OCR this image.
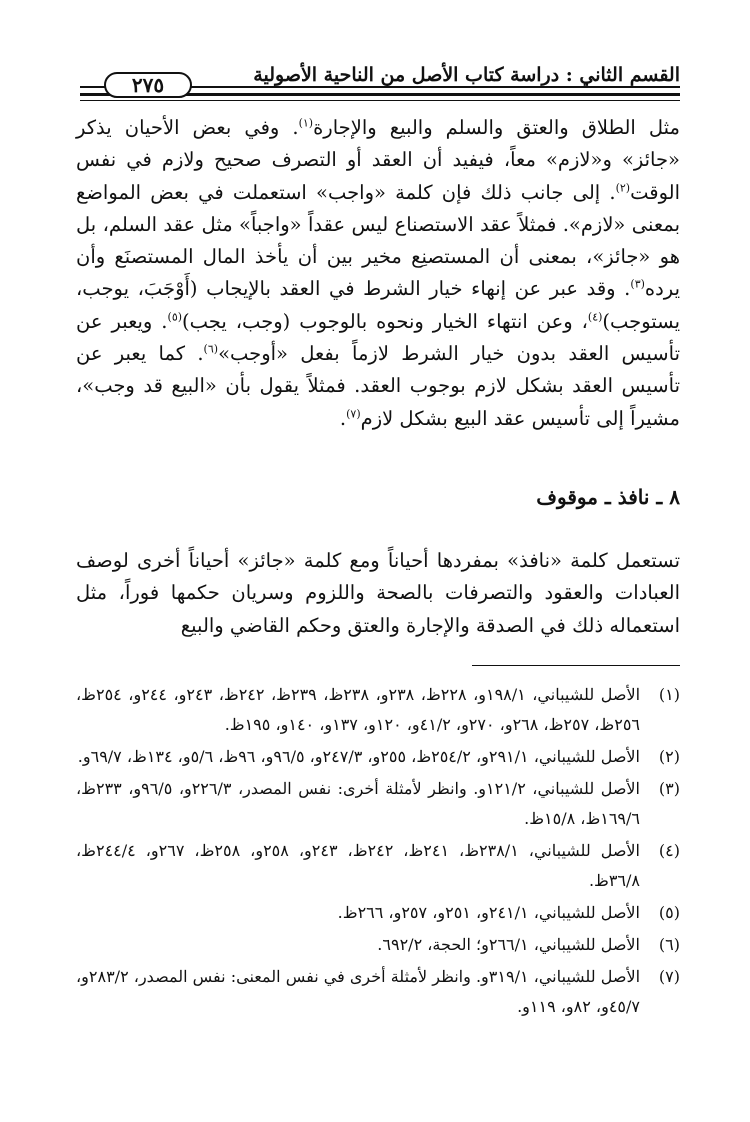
القسم الثاني : دراسة كتاب الأصل من الناحية الأصولية
٢٧٥
مثل الطلاق والعتق والسلم والبيع والإجارة$^{(١)}$. وفي بعض الأحيان يذكر «جائز» و«لازم» معاً، فيفيد أن العقد أو التصرف صحيح ولازم في نفس الوقت$^{(٢)}$. إلى جانب ذلك فإن كلمة «واجب» استعملت في بعض المواضع بمعنى «لازم». فمثلاً عقد الاستصناع ليس عقداً «واجباً» مثل عقد السلم، بل هو «جائز»، بمعنى أن المستصنِع مخير بين أن يأخذ المال المستصنَع وأن يرده$^{(٣)}$. وقد عبر عن إنهاء خيار الشرط في العقد بالإيجاب (أَوْجَبَ، يوجب، يستوجب)$^{(٤)}$، وعن انتهاء الخيار ونحوه بالوجوب (وجب، يجب)$^{(٥)}$. ويعبر عن تأسيس العقد بدون خيار الشرط لازماً بفعل «أوجب»$^{(٦)}$. كما يعبر عن تأسيس العقد بشكل لازم بوجوب العقد. فمثلاً يقول بأن «البيع قد وجب»، مشيراً إلى تأسيس عقد البيع بشكل لازم$^{(٧)}$.
٨ ـ نافذ ـ موقوف
تستعمل كلمة «نافذ» بمفردها أحياناً ومع كلمة «جائز» أحياناً أخرى لوصف العبادات والعقود والتصرفات بالصحة واللزوم وسريان حكمها فوراً، مثل استعماله ذلك في الصدقة والإجارة والعتق وحكم القاضي والبيع
(١)
الأصل للشيباني، ١٩٨/١و، ٢٢٨ظ، ٢٣٨و، ٢٣٨ظ، ٢٣٩ظ، ٢٤٢ظ، ٢٤٣و، ٢٤٤و، ٢٥٤ظ، ٢٥٦ظ، ٢٥٧ظ، ٢٦٨و، ٢٧٠و، ٤١/٢و، ١٢٠و، ١٣٧و، ١٤٠و، ١٩٥ظ.
(٢)
الأصل للشيباني، ٢٩١/١و، ٢٥٤/٢ظ، ٢٥٥و، ٢٤٧/٣و، ٩٦/٥و، ٩٦ظ، ٥/٦و، ١٣٤ظ، ٦٩/٧و.
(٣)
الأصل للشيباني، ١٢١/٢و. وانظر لأمثلة أخرى: نفس المصدر، ٢٢٦/٣و، ٩٦/٥و، ٢٣٣ظ، ١٦٩/٦ظ، ١٥/٨ظ.
(٤)
الأصل للشيباني، ٢٣٨/١ظ، ٢٤١ظ، ٢٤٢ظ، ٢٤٣و، ٢٥٨و، ٢٥٨ظ، ٢٦٧و، ٢٤٤/٤ظ، ٣٦/٨ظ.
(٥)
الأصل للشيباني، ٢٤١/١و، ٢٥١و، ٢٥٧و، ٢٦٦ظ.
(٦)
الأصل للشيباني، ٢٦٦/١و؛ الحجة، ٦٩٢/٢.
(٧)
الأصل للشيباني، ٣١٩/١و. وانظر لأمثلة أخرى في نفس المعنى: نفس المصدر، ٢٨٣/٢و، ٤٥/٧و، ٨٢و، ١١٩و.
